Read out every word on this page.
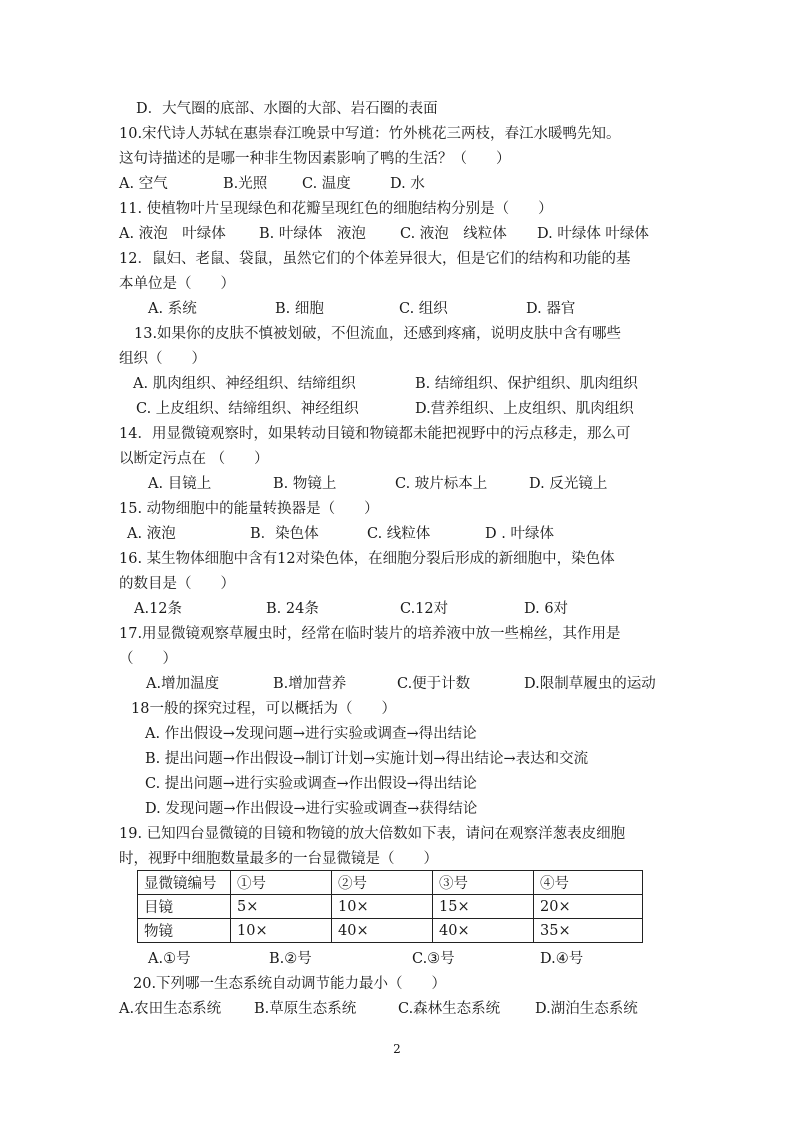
D．大气圈的底部、水圈的大部、岩石圈的表面
10.宋代诗人苏轼在惠崇春江晚景中写道：竹外桃花三两枝，春江水暖鸭先知。
这句诗描述的是哪一种非生物因素影响了鸭的生活？（　　）
A. 空气	B.光照 C. 温度	D. 水
11. 使植物叶片呈现绿色和花瓣呈现红色的细胞结构分别是（　　）
A. 液泡　叶绿体 B. 叶绿体　液泡 C. 液泡　线粒体 D. 叶绿体 叶绿体
12．鼠妇、老鼠、袋鼠，虽然它们的个体差异很大，但是它们的结构和功能的基
本单位是（　　）
A. 系统	B. 细胞	C. 组织	D. 器官
13.如果你的皮肤不慎被划破，不但流血，还感到疼痛，说明皮肤中含有哪些
组织（　　）
A. 肌肉组织、神经组织、结缔组织	B. 结缔组织、保护组织、肌肉组织
C. 上皮组织、结缔组织、神经组织	D.营养组织、上皮组织、肌肉组织
14．用显微镜观察时，如果转动目镜和物镜都未能把视野中的污点移走，那么可
以断定污点在 （　　）
A. 目镜上	B. 物镜上	C. 玻片标本上	D. 反光镜上
15. 动物细胞中的能量转换器是（　　）
A. 液泡	B．染色体	C. 线粒体	D . 叶绿体
16. 某生物体细胞中含有12对染色体，在细胞分裂后形成的新细胞中，染色体
的数目是（　　）
A.12条	B. 24条	C.12对	D. 6对
17.用显微镜观察草履虫时，经常在临时装片的培养液中放一些棉丝，其作用是
（　　）
A.增加温度	B.增加营养	C.便于计数	D.限制草履虫的运动
18一般的探究过程，可以概括为（　　）
A. 作出假设→发现问题→进行实验或调查→得出结论
B. 提出问题→作出假设→制订计划→实施计划→得出结论→表达和交流
C. 提出问题→进行实验或调查→作出假设→得出结论
D. 发现问题→作出假设→进行实验或调查→获得结论
19. 已知四台显微镜的目镜和物镜的放大倍数如下表，请问在观察洋葱表皮细胞
时，视野中细胞数量最多的一台显微镜是（　　）
显微镜编号	①号	②号	③号	④号
目镜	5×	10×	15×	20×
物镜	10×	40×	40×	35×
A.①号	B.②号	C.③号	D.④号
20.下列哪一生态系统自动调节能力最小（　　）
A.农田生态系统 B.草原生态系统	C.森林生态系统 D.湖泊生态系统
2
